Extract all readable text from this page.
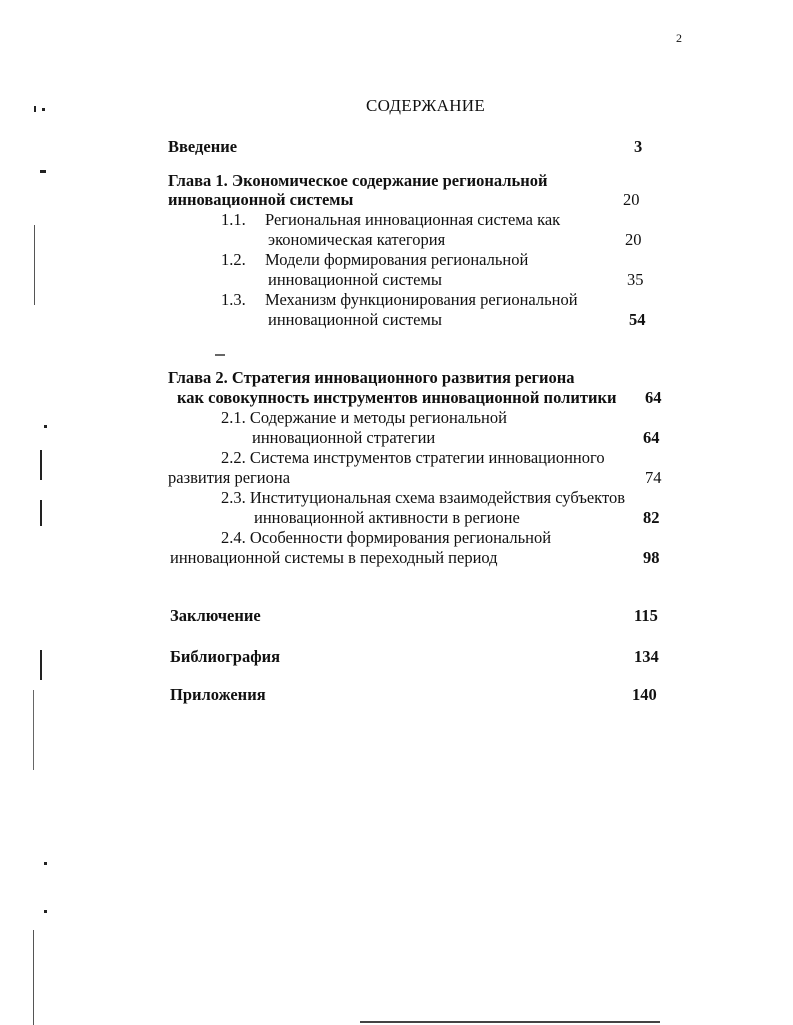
2
СОДЕРЖАНИЕ
Введение	3
Глава 1. Экономическое содержание региональной
инновационной системы	20
1.1. Региональная инновационная система как
экономическая категория	20
1.2. Модели формирования региональной
инновационной системы	35
1.3. Механизм функционирования региональной
инновационной системы	54
Глава 2. Стратегия инновационного развития региона
как совокупность инструментов инновационной политики 64
2.1. Содержание и методы региональной
инновационной стратегии	64
2.2. Система инструментов стратегии инновационного
развития региона	74
2.3. Институциональная схема взаимодействия субъектов
инновационной активности в регионе	82
2.4. Особенности формирования региональной
инновационной системы в переходный период	98
Заключение	115
Библиография	134
Приложения	140
